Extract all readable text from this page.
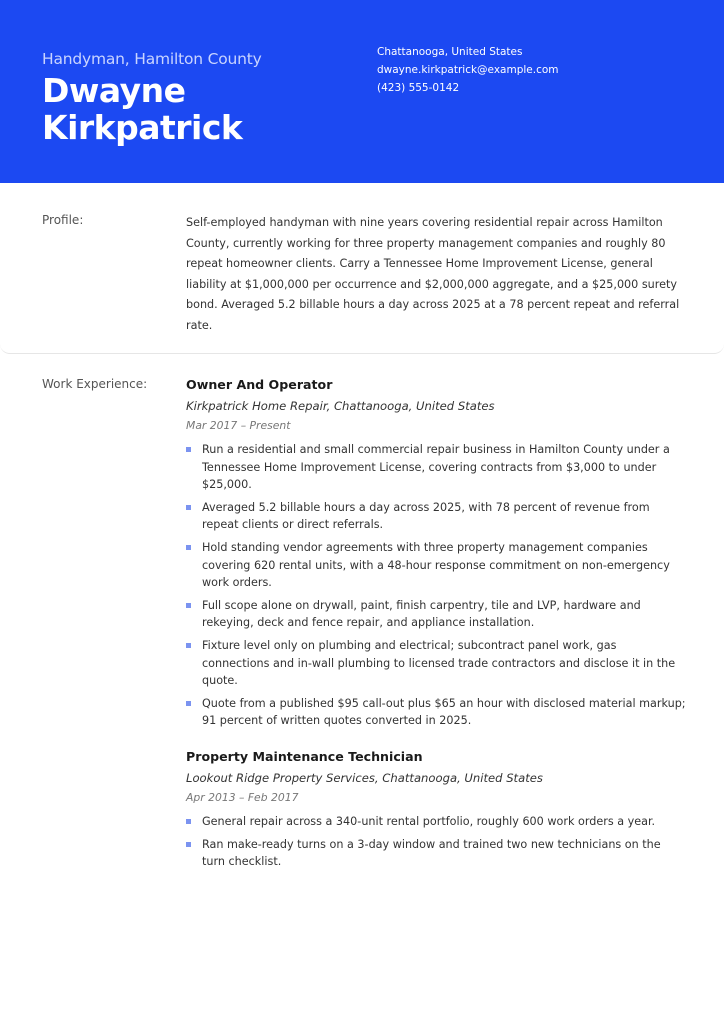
Handyman, Hamilton County
Dwayne Kirkpatrick
Chattanooga, United States
dwayne.kirkpatrick@example.com
(423) 555-0142
Profile:	Self-employed handyman with nine years covering residential repair across Hamilton County, currently working for three property management companies and roughly 80 repeat homeowner clients. Carry a Tennessee Home Improvement License, general liability at $1,000,000 per occurrence and $2,000,000 aggregate, and a $25,000 surety bond. Averaged 5.2 billable hours a day across 2025 at a 78 percent repeat and referral rate.
Work Experience:	Owner And Operator
Kirkpatrick Home Repair, Chattanooga, United States
Mar 2017 – Present
Run a residential and small commercial repair business in Hamilton County under a Tennessee Home Improvement License, covering contracts from $3,000 to under $25,000.
Averaged 5.2 billable hours a day across 2025, with 78 percent of revenue from repeat clients or direct referrals.
Hold standing vendor agreements with three property management companies covering 620 rental units, with a 48-hour response commitment on non-emergency work orders.
Full scope alone on drywall, paint, finish carpentry, tile and LVP, hardware and rekeying, deck and fence repair, and appliance installation.
Fixture level only on plumbing and electrical; subcontract panel work, gas connections and in-wall plumbing to licensed trade contractors and disclose it in the quote.
Quote from a published $95 call-out plus $65 an hour with disclosed material markup; 91 percent of written quotes converted in 2025.
Property Maintenance Technician
Lookout Ridge Property Services, Chattanooga, United States
Apr 2013 – Feb 2017
General repair across a 340-unit rental portfolio, roughly 600 work orders a year.
Ran make-ready turns on a 3-day window and trained two new technicians on the turn checklist.
